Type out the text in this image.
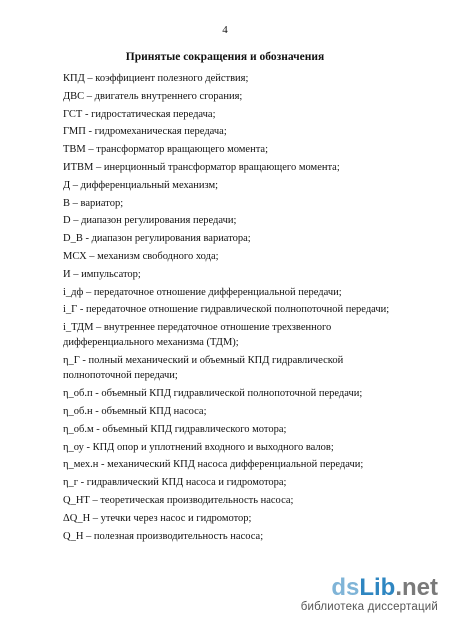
4
Принятые сокращения и обозначения
КПД – коэффициент полезного действия;
ДВС – двигатель внутреннего сгорания;
ГСТ - гидростатическая передача;
ГМП - гидромеханическая передача;
ТВМ – трансформатор вращающего момента;
ИТВМ – инерционный трансформатор вращающего момента;
Д – дифференциальный механизм;
В – вариатор;
D – диапазон регулирования передачи;
D_B - диапазон регулирования вариатора;
МСХ – механизм свободного хода;
И – импульсатор;
i_дф – передаточное отношение дифференциальной передачи;
i_Г - передаточное отношение гидравлической полнопоточной передачи;
i_ТДМ – внутреннее передаточное отношение трехзвенного дифференциального механизма (ТДМ);
η_Г - полный механический и объемный КПД гидравлической полнопоточной передачи;
η_об.п - объемный КПД гидравлической полнопоточной передачи;
η_об.н - объемный КПД насоса;
η_об.м - объемный КПД гидравлического мотора;
η_оу - КПД опор и уплотнений входного и выходного валов;
η_мех.н - механический КПД насоса дифференциальной передачи;
η_г - гидравлический КПД насоса и гидромотора;
Q_НТ – теоретическая производительность насоса;
ΔQ_Н – утечки через насос и гидромотор;
Q_Н – полезная производительность насоса;
dsLib.net
библиотека диссертаций
